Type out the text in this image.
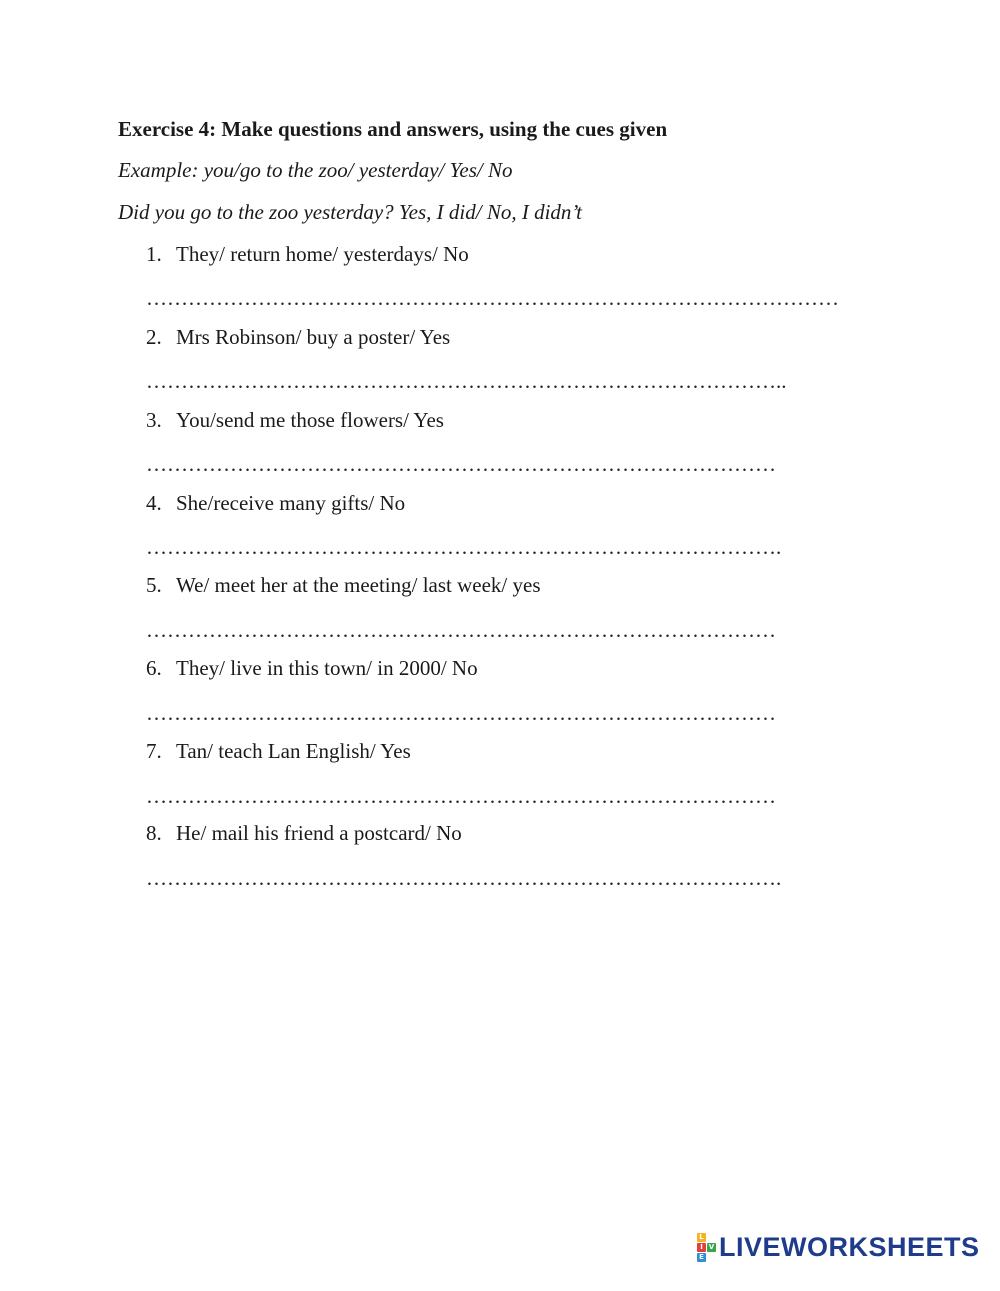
Exercise 4: Make questions and answers, using the cues given
Example: you/go to the zoo/ yesterday/ Yes/ No
Did you go to the zoo yesterday? Yes, I did/ No, I didn’t
1. They/ return home/ yesterdays/ No
………………………………………………………………………………………
2. Mrs Robinson/ buy a poster/ Yes
………………………………………………………………………………..
3. You/send me those flowers/ Yes
………………………………………………………………………………
4. She/receive many gifts/ No
……………………………………………………………………………….
5. We/ meet her at the meeting/ last week/ yes
………………………………………………………………………………
6. They/ live in this town/ in 2000/ No
………………………………………………………………………………
7. Tan/ teach Lan English/ Yes
………………………………………………………………………………
8. He/ mail his friend a postcard/ No
……………………………………………………………………………….
L
I V
E LIVEWORKSHEETS
